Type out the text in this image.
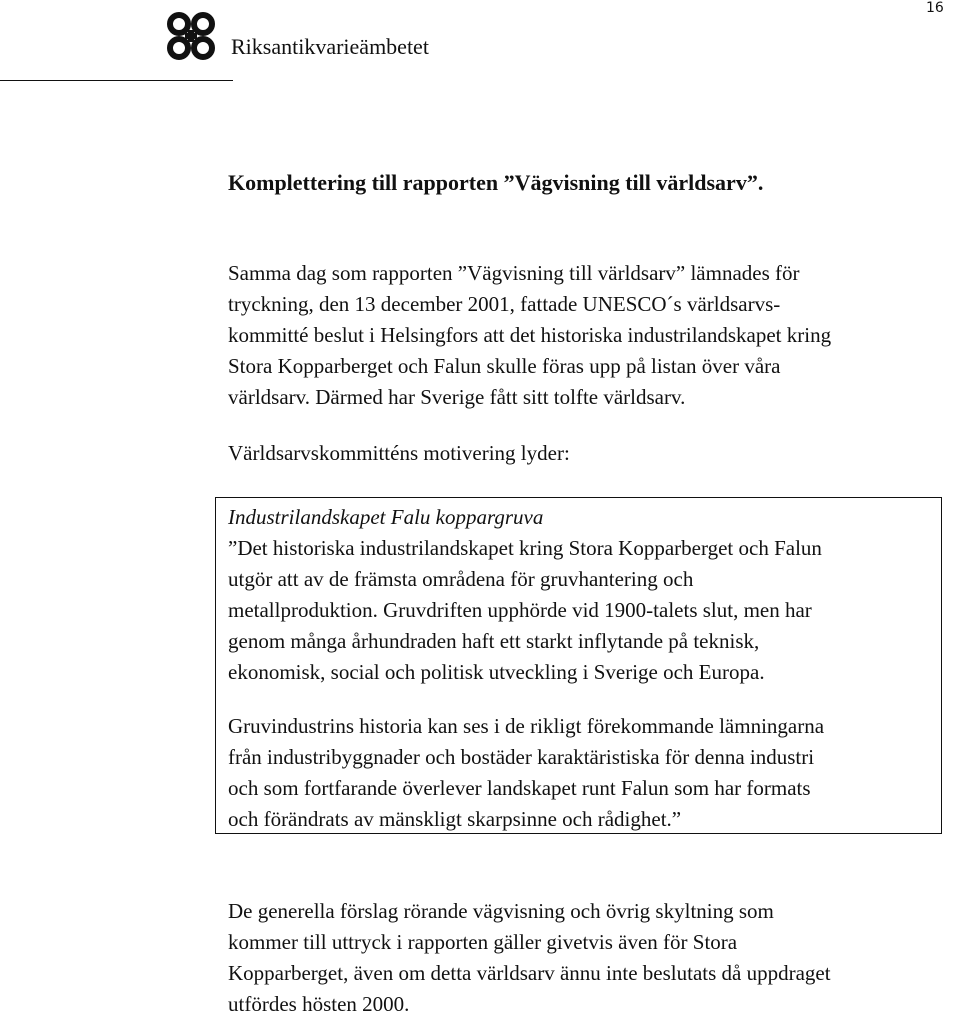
16
Riksantikvarieämbetet
Komplettering till rapporten ”Vägvisning till världsarv”.
Samma dag som rapporten ”Vägvisning till världsarv” lämnades för
tryckning, den 13 december 2001, fattade UNESCO´s världsarvs-
kommitté beslut i Helsingfors att det historiska industrilandskapet kring
Stora Kopparberget och Falun skulle föras upp på listan över våra
världsarv. Därmed har Sverige fått sitt tolfte världsarv.
Världsarvskommitténs motivering lyder:
Industrilandskapet Falu koppargruva
”Det historiska industrilandskapet kring Stora Kopparberget och Falun
utgör att av de främsta områdena för gruvhantering och
metallproduktion. Gruvdriften upphörde vid 1900-talets slut, men har
genom många århundraden haft ett starkt inflytande på teknisk,
ekonomisk, social och politisk utveckling i Sverige och Europa.
Gruvindustrins historia kan ses i de rikligt förekommande lämningarna
från industribyggnader och bostäder karaktäristiska för denna industri
och som fortfarande överlever landskapet runt Falun som har formats
och förändrats av mänskligt skarpsinne och rådighet.”
De generella förslag rörande vägvisning och övrig skyltning som
kommer till uttryck i rapporten gäller givetvis även för Stora
Kopparberget, även om detta världsarv ännu inte beslutats då uppdraget
utfördes hösten 2000.
